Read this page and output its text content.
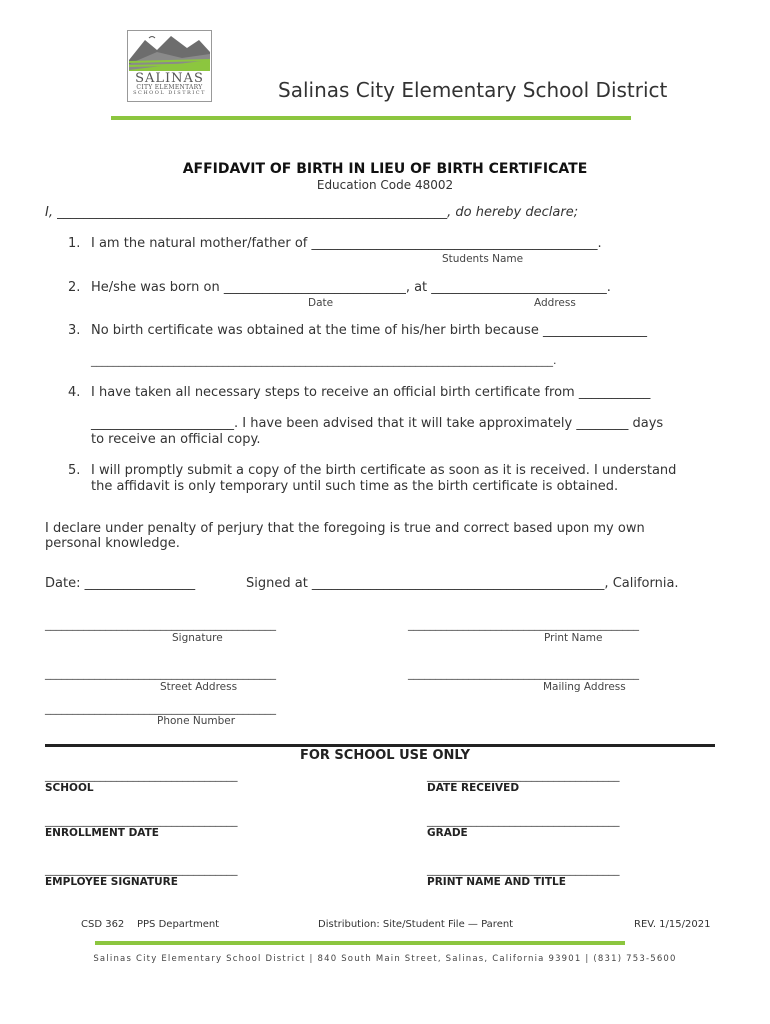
SALINAS
CITY ELEMENTARY
SCHOOL DISTRICT	Salinas City Elementary School District
AFFIDAVIT OF BIRTH IN LIEU OF BIRTH CERTIFICATE
Education Code 48002
I, ____________________________________________________________, do hereby declare;
1. I am the natural mother/father of ____________________________________________.
Students Name
2. He/she was born on ____________________________, at ___________________________.
Date	Address
3. No birth certificate was obtained at the time of his/her birth because ________________
____________________________________________________________________________________.
4. I have taken all necessary steps to receive an official birth certificate from ___________
______________________. I have been advised that it will take approximately ________ days
to receive an official copy.
5. I will promptly submit a copy of the birth certificate as soon as it is received. I understand
the affidavit is only temporary until such time as the birth certificate is obtained.
I declare under penalty of perjury that the foregoing is true and correct based upon my own
personal knowledge.
Date: _________________	Signed at _____________________________________________, California.
__________________________________________
Signature
__________________________________________
Print Name
__________________________________________
Street Address
__________________________________________
Mailing Address
__________________________________________
Phone Number
FOR SCHOOL USE ONLY
___________________________________
SCHOOL
___________________________________
DATE RECEIVED
___________________________________
ENROLLMENT DATE
___________________________________
GRADE
___________________________________
EMPLOYEE SIGNATURE
___________________________________
PRINT NAME AND TITLE
CSD 362 PPS Department	Distribution: Site/Student File — Parent	REV. 1/15/2021
Salinas City Elementary School District | 840 South Main Street, Salinas, California 93901 | (831) 753-5600
